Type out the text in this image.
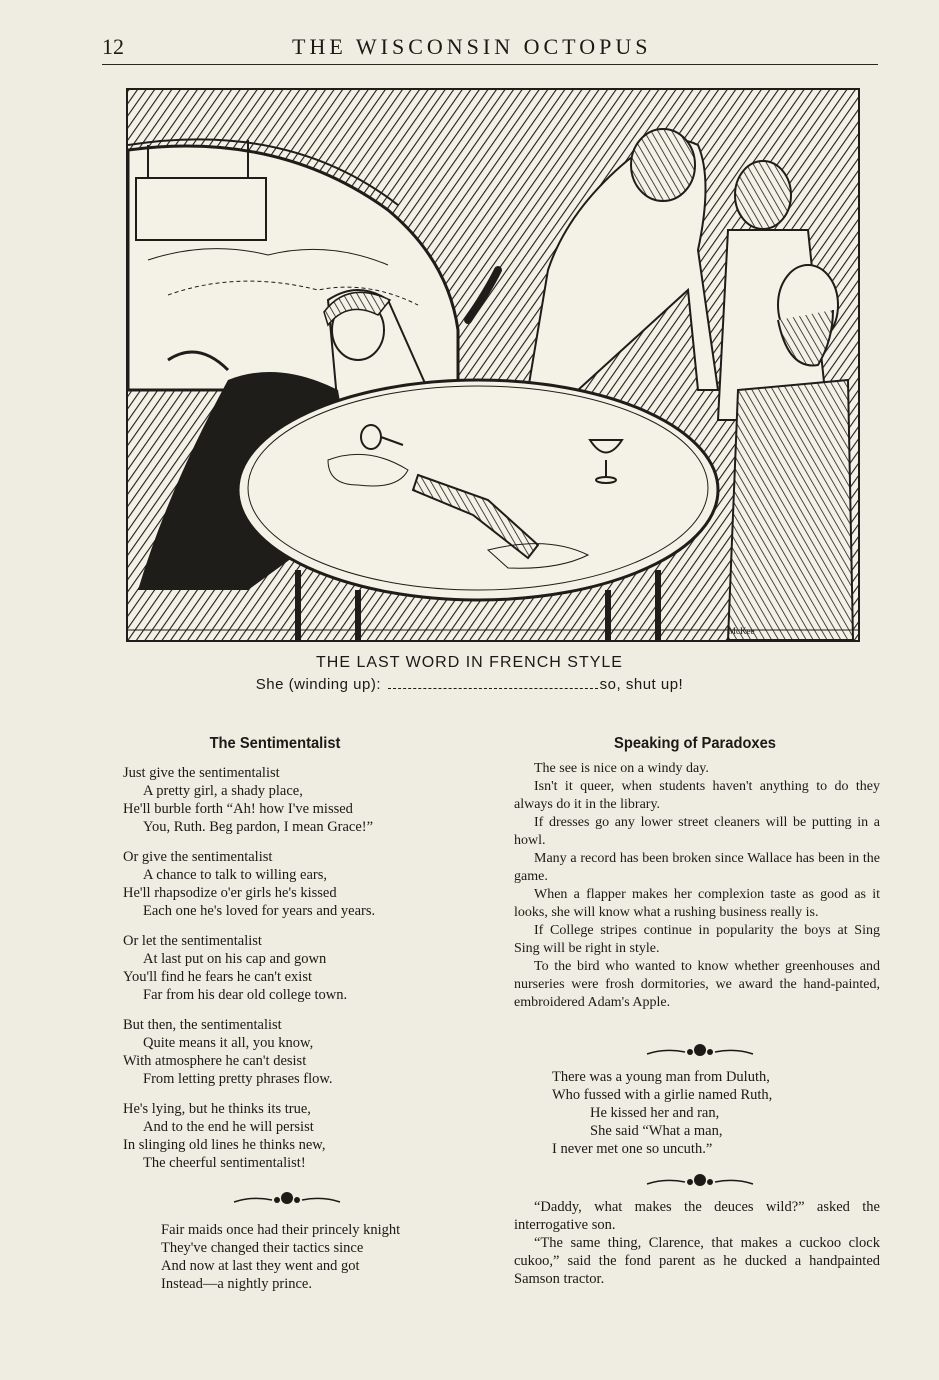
12	THE WISCONSIN OCTOPUS
McKee
THE LAST WORD IN FRENCH STYLE
She (winding up):	so, shut up!
The Sentimentalist
Just give the sentimentalist
A pretty girl, a shady place,
He'll burble forth “Ah! how I've missed
You, Ruth. Beg pardon, I mean Grace!”
Or give the sentimentalist
A chance to talk to willing ears,
He'll rhapsodize o'er girls he's kissed
Each one he's loved for years and years.
Or let the sentimentalist
At last put on his cap and gown
You'll find he fears he can't exist
Far from his dear old college town.
But then, the sentimentalist
Quite means it all, you know,
With atmosphere he can't desist
From letting pretty phrases flow.
He's lying, but he thinks its true,
And to the end he will persist
In slinging old lines he thinks new,
The cheerful sentimentalist!
Fair maids once had their princely knight
They've changed their tactics since
And now at last they went and got
Instead—a nightly prince.
Speaking of Paradoxes
The see is nice on a windy day.
Isn't it queer, when students haven't anything to do they always do it in the library.
If dresses go any lower street cleaners will be putting in a howl.
Many a record has been broken since Wallace has been in the game.
When a flapper makes her complexion taste as good as it looks, she will know what a rushing business really is.
If College stripes continue in popularity the boys at Sing Sing will be right in style.
To the bird who wanted to know whether greenhouses and nurseries were frosh dormitories, we award the hand-painted, embroidered Adam's Apple.
There was a young man from Duluth,
Who fussed with a girlie named Ruth,
He kissed her and ran,
She said “What a man,
I never met one so uncuth.”
“Daddy, what makes the deuces wild?” asked the interrogative son.
“The same thing, Clarence, that makes a cuckoo clock cukoo,” said the fond parent as he ducked a handpainted Samson tractor.
